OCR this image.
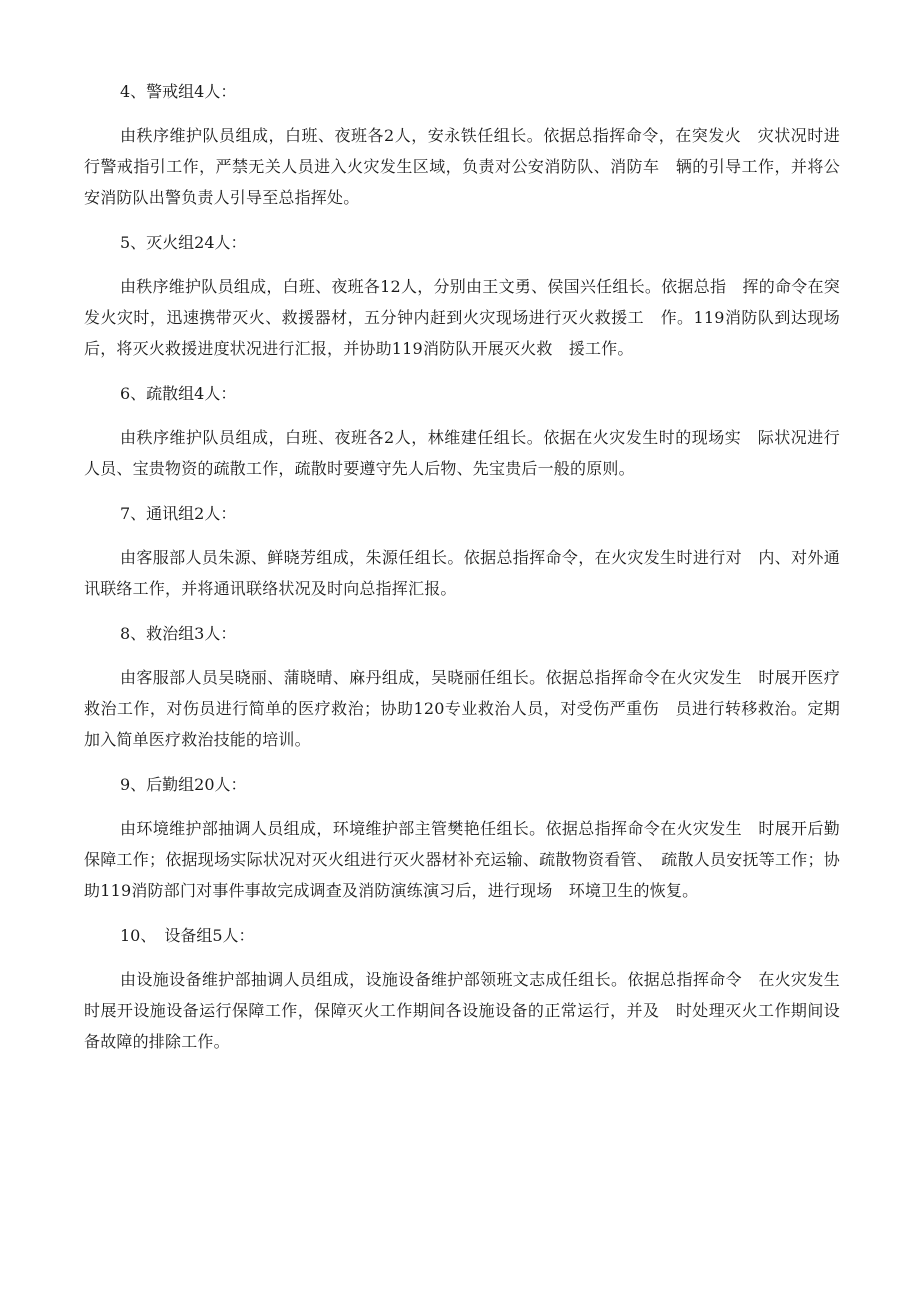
4、警戒组4人：

由秩序维护队员组成，白班、夜班各2人，安永铁任组长。依据总指挥命令，在突发火　灾状况时进行警戒指引工作，严禁无关人员进入火灾发生区域，负责对公安消防队、消防车　辆的引导工作，并将公安消防队出警负责人引导至总指挥处。

5、灭火组24人：

由秩序维护队员组成，白班、夜班各12人，分别由王文勇、侯国兴任组长。依据总指　挥的命令在突发火灾时，迅速携带灭火、救援器材，五分钟内赶到火灾现场进行灭火救援工　作。119消防队到达现场后，将灭火救援进度状况进行汇报，并协助119消防队开展灭火救　援工作。

6、疏散组4人：

由秩序维护队员组成，白班、夜班各2人，林维建任组长。依据在火灾发生时的现场实　际状况进行人员、宝贵物资的疏散工作，疏散时要遵守先人后物、先宝贵后一般的原则。

7、通讯组2人：

由客服部人员朱源、鲜晓芳组成，朱源任组长。依据总指挥命令，在火灾发生时进行对　内、对外通讯联络工作，并将通讯联络状况及时向总指挥汇报。

8、救治组3人：

由客服部人员吴晓丽、蒲晓晴、麻丹组成，吴晓丽任组长。依据总指挥命令在火灾发生　时展开医疗救治工作，对伤员进行简单的医疗救治；协助120专业救治人员，对受伤严重伤　员进行转移救治。定期加入简单医疗救治技能的培训。

9、后勤组20人：

由环境维护部抽调人员组成，环境维护部主管樊艳任组长。依据总指挥命令在火灾发生　时展开后勤保障工作；依据现场实际状况对灭火组进行灭火器材补充运输、疏散物资看管、　疏散人员安抚等工作；协助119消防部门对事件事故完成调查及消防演练演习后，进行现场　环境卫生的恢复。

10、　设备组5人：

由设施设备维护部抽调人员组成，设施设备维护部领班文志成任组长。依据总指挥命令　在火灾发生时展开设施设备运行保障工作，保障灭火工作期间各设施设备的正常运行，并及　时处理灭火工作期间设备故障的排除工作。
